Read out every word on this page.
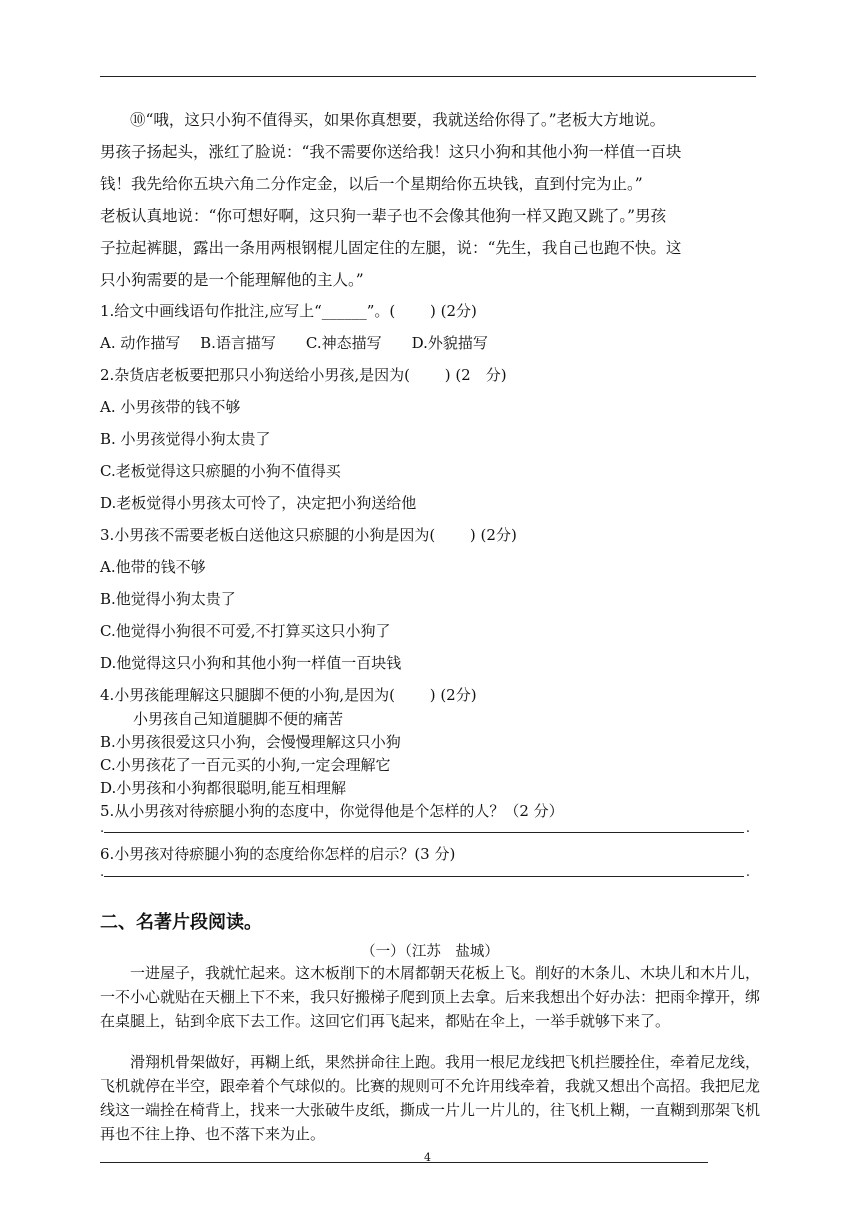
⑩“哦，这只小狗不值得买，如果你真想要，我就送给你得了。”老板大方地说。
男孩子扬起头，涨红了脸说：“我不需要你送给我！这只小狗和其他小狗一样值一百块
钱！我先给你五块六角二分作定金，以后一个星期给你五块钱，直到付完为止。”
老板认真地说：“你可想好啊，这只狗一辈子也不会像其他狗一样又跑又跳了。”男孩
子拉起裤腿，露出一条用两根钢棍儿固定住的左腿，说：“先生，我自己也跑不快。这
只小狗需要的是一个能理解他的主人。”
1.给文中画线语句作批注,应写上“______”。(　　 ) (2分)
A. 动作描写　 B.语言描写　　C.神态描写　　D.外貌描写
2.杂货店老板要把那只小狗送给小男孩,是因为(　　 ) (2　分)
A. 小男孩带的钱不够
B. 小男孩觉得小狗太贵了
C.老板觉得这只瘀腿的小狗不值得买
D.老板觉得小男孩太可怜了，决定把小狗送给他
3.小男孩不需要老板白送他这只瘀腿的小狗是因为(　　 ) (2分)
A.他带的钱不够
B.他觉得小狗太贵了
C.他觉得小狗很不可爱,不打算买这只小狗了
D.他觉得这只小狗和其他小狗一样值一百块钱
4.小男孩能理解这只腿脚不便的小狗,是因为(　　 ) (2分)
小男孩自己知道腿脚不便的痛苦
B.小男孩很爱这只小狗，会慢慢理解这只小狗
C.小男孩花了一百元买的小狗,一定会理解它
D.小男孩和小狗都很聪明,能互相理解
5.从小男孩对待瘀腿小狗的态度中，你觉得他是个怎样的人？（2 分）
.	.
6.小男孩对待瘀腿小狗的态度给你怎样的启示？(3 分)
.	.
二、名著片段阅读。
（一）（江苏　盐城）
　　一进屋子，我就忙起来。这木板削下的木屑都朝天花板上飞。削好的木条儿、木块儿和木片儿，一不小心就贴在天棚上下不来，我只好搬梯子爬到顶上去拿。后来我想出个好办法：把雨伞撑开，绑在桌腿上，钻到伞底下去工作。这回它们再飞起来，都贴在伞上，一举手就够下来了。
　　滑翔机骨架做好，再糊上纸，果然拼命往上跑。我用一根尼龙线把飞机拦腰拴住，牵着尼龙线，飞机就停在半空，跟牵着个气球似的。比赛的规则可不允许用线牵着，我就又想出个高招。我把尼龙线这一端拴在椅背上，找来一大张破牛皮纸，撕成一片儿一片儿的，往飞机上糊，一直糊到那架飞机再也不往上挣、也不落下来为止。
4
